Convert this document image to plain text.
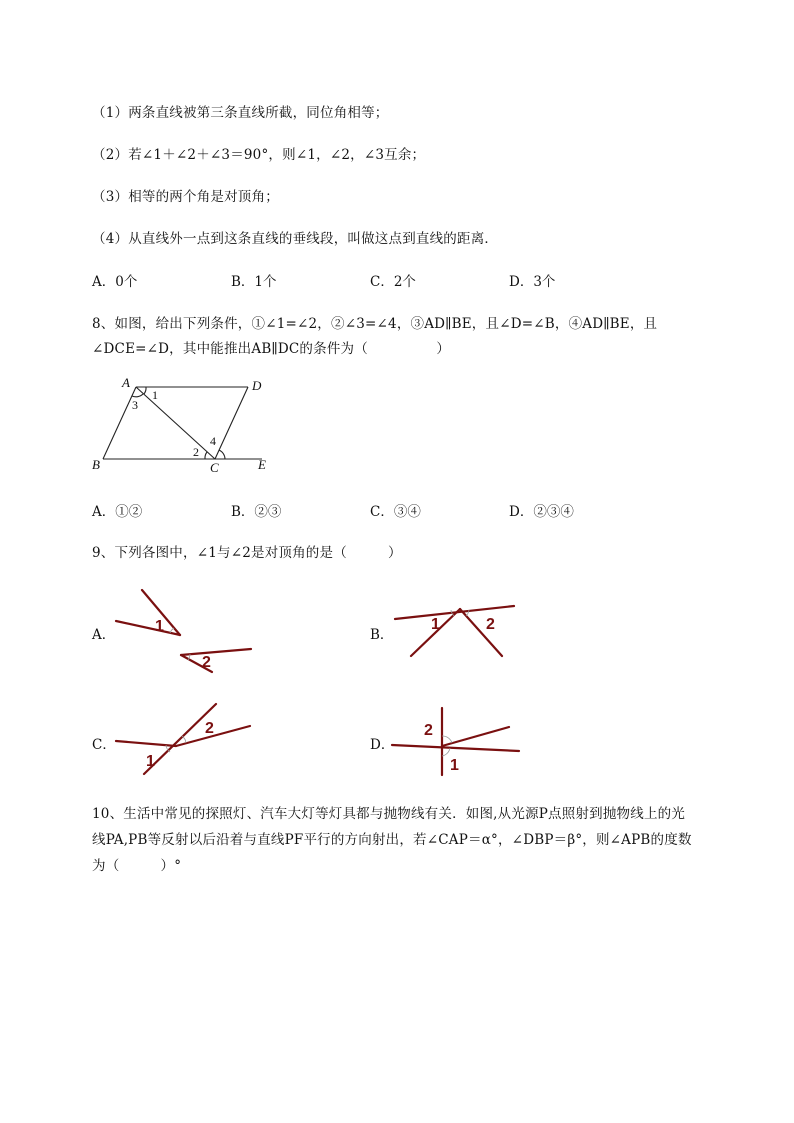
（1）两条直线被第三条直线所截，同位角相等；
（2）若∠1＋∠2＋∠3＝90°，则∠1，∠2，∠3互余；
（3）相等的两个角是对顶角；
（4）从直线外一点到这条直线的垂线段，叫做这点到直线的距离．
A．0个	B．1个	C．2个	D．3个
8、如图，给出下列条件，①∠1=∠2，②∠3=∠4，③AD∥BE，且∠D=∠B，④AD∥BE，且
∠DCE=∠D，其中能推出AB∥DC的条件为（　　　　　）
A	D
B	C	E
1
3
2
4
A．①②	B．②③	C．③④	D．②③④
9、下列各图中，∠1与∠2是对顶角的是（　　　）
A．	B．
C．	D．
1
2
1	2
1
2
1
2
10、生活中常见的探照灯、汽车大灯等灯具都与抛物线有关．如图,从光源P点照射到抛物线上的光
线PA,PB等反射以后沿着与直线PF平行的方向射出，若∠CAP＝α°，∠DBP＝β°，则∠APB的度数
为（　　　）°
